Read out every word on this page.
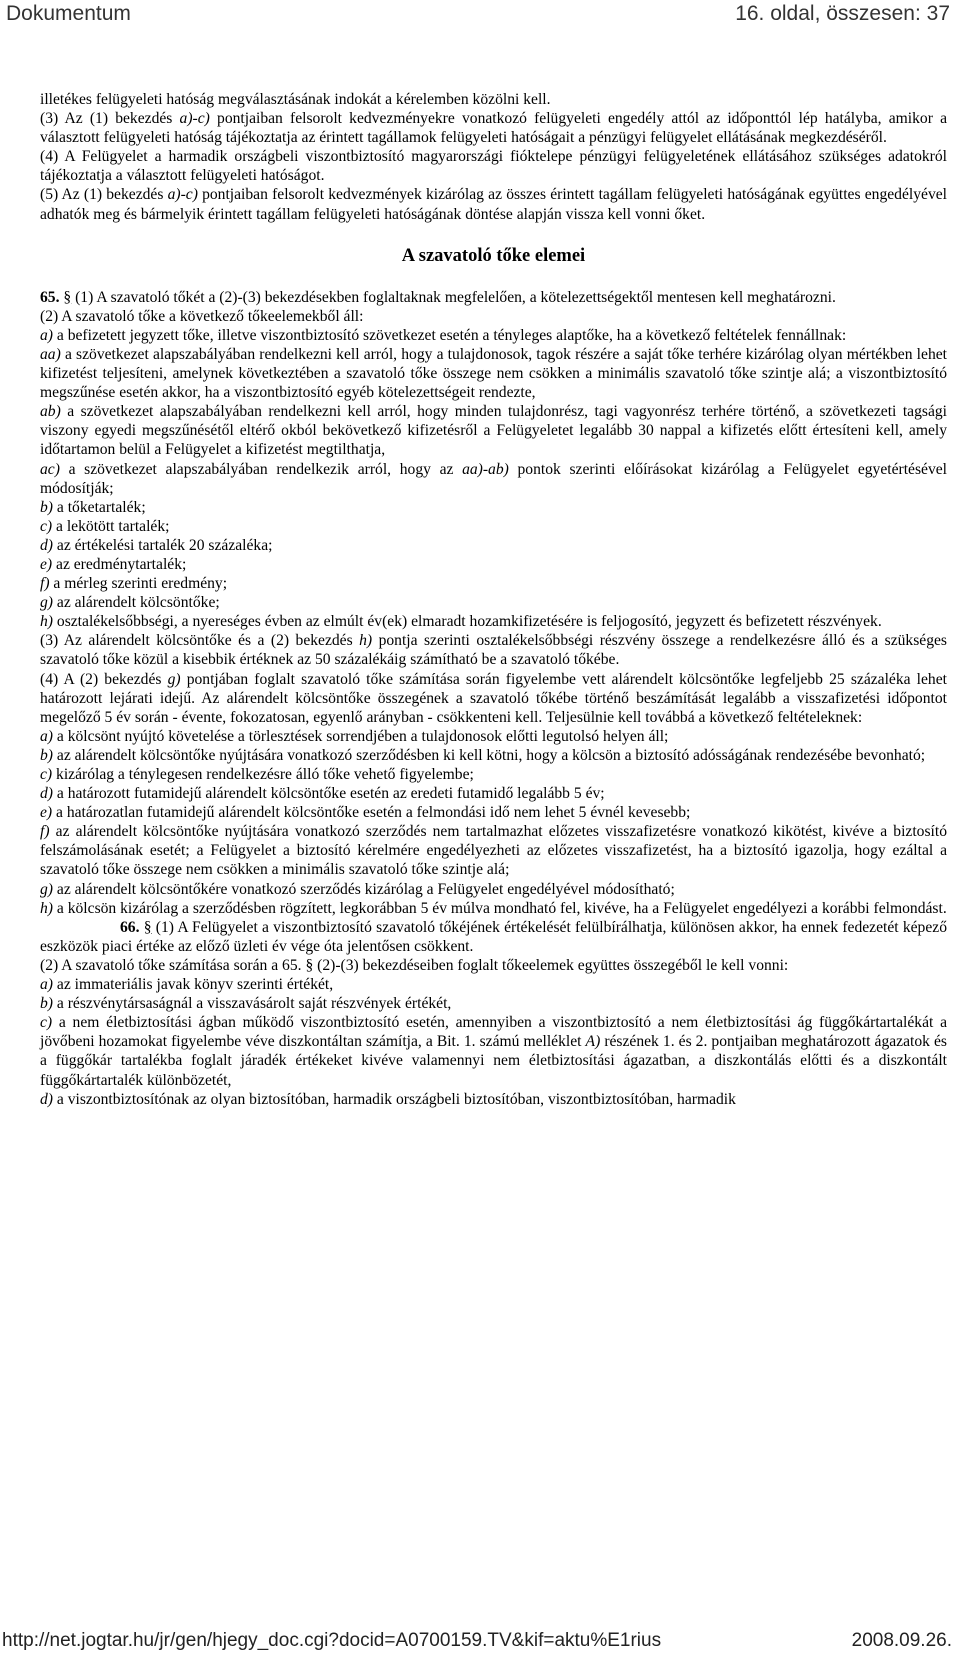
Dokumentum	16. oldal, összesen: 37

illetékes felügyeleti hatóság megválasztásának indokát a kérelemben közölni kell.

(3) Az (1) bekezdés a)-c) pontjaiban felsorolt kedvezményekre vonatkozó felügyeleti engedély attól az időponttól lép hatályba, amikor a választott felügyeleti hatóság tájékoztatja az érintett tagállamok felügyeleti hatóságait a pénzügyi felügyelet ellátásának megkezdéséről.

(4) A Felügyelet a harmadik országbeli viszontbiztosító magyarországi fióktelepe pénzügyi felügyeletének ellátásához szükséges adatokról tájékoztatja a választott felügyeleti hatóságot.

(5) Az (1) bekezdés a)-c) pontjaiban felsorolt kedvezmények kizárólag az összes érintett tagállam felügyeleti hatóságának együttes engedélyével adhatók meg és bármelyik érintett tagállam felügyeleti hatóságának döntése alapján vissza kell vonni őket.

A szavatoló tőke elemei

65. § (1) A szavatoló tőkét a (2)-(3) bekezdésekben foglaltaknak megfelelően, a kötelezettségektől mentesen kell meghatározni.

(2) A szavatoló tőke a következő tőkeelemekből áll:

a) a befizetett jegyzett tőke, illetve viszontbiztosító szövetkezet esetén a tényleges alaptőke, ha a következő feltételek fennállnak:

aa) a szövetkezet alapszabályában rendelkezni kell arról, hogy a tulajdonosok, tagok részére a saját tőke terhére kizárólag olyan mértékben lehet kifizetést teljesíteni, amelynek következtében a szavatoló tőke összege nem csökken a minimális szavatoló tőke szintje alá; a viszontbiztosító megszűnése esetén akkor, ha a viszontbiztosító egyéb kötelezettségeit rendezte,

ab) a szövetkezet alapszabályában rendelkezni kell arról, hogy minden tulajdonrész, tagi vagyonrész terhére történő, a szövetkezeti tagsági viszony egyedi megszűnésétől eltérő okból bekövetkező kifizetésről a Felügyeletet legalább 30 nappal a kifizetés előtt értesíteni kell, amely időtartamon belül a Felügyelet a kifizetést megtilthatja,

ac) a szövetkezet alapszabályában rendelkezik arról, hogy az aa)-ab) pontok szerinti előírásokat kizárólag a Felügyelet egyetértésével módosítják;

b) a tőketartalék;

c) a lekötött tartalék;

d) az értékelési tartalék 20 százaléka;

e) az eredménytartalék;

f) a mérleg szerinti eredmény;

g) az alárendelt kölcsöntőke;

h) osztalékelsőbbségi, a nyereséges évben az elmúlt év(ek) elmaradt hozamkifizetésére is feljogosító, jegyzett és befizetett részvények.

(3) Az alárendelt kölcsöntőke és a (2) bekezdés h) pontja szerinti osztalékelsőbbségi részvény összege a rendelkezésre álló és a szükséges szavatoló tőke közül a kisebbik értéknek az 50 százalékáig számítható be a szavatoló tőkébe.

(4) A (2) bekezdés g) pontjában foglalt szavatoló tőke számítása során figyelembe vett alárendelt kölcsöntőke legfeljebb 25 százaléka lehet határozott lejárati idejű. Az alárendelt kölcsöntőke összegének a szavatoló tőkébe történő beszámítását legalább a visszafizetési időpontot megelőző 5 év során - évente, fokozatosan, egyenlő arányban - csökkenteni kell. Teljesülnie kell továbbá a következő feltételeknek:

a) a kölcsönt nyújtó követelése a törlesztések sorrendjében a tulajdonosok előtti legutolsó helyen áll;

b) az alárendelt kölcsöntőke nyújtására vonatkozó szerződésben ki kell kötni, hogy a kölcsön a biztosító adósságának rendezésébe bevonható;

c) kizárólag a ténylegesen rendelkezésre álló tőke vehető figyelembe;

d) a határozott futamidejű alárendelt kölcsöntőke esetén az eredeti futamidő legalább 5 év;

e) a határozatlan futamidejű alárendelt kölcsöntőke esetén a felmondási idő nem lehet 5 évnél kevesebb;

f) az alárendelt kölcsöntőke nyújtására vonatkozó szerződés nem tartalmazhat előzetes visszafizetésre vonatkozó kikötést, kivéve a biztosító felszámolásának esetét; a Felügyelet a biztosító kérelmére engedélyezheti az előzetes visszafizetést, ha a biztosító igazolja, hogy ezáltal a szavatoló tőke összege nem csökken a minimális szavatoló tőke szintje alá;

g) az alárendelt kölcsöntőkére vonatkozó szerződés kizárólag a Felügyelet engedélyével módosítható;

h) a kölcsön kizárólag a szerződésben rögzített, legkorábban 5 év múlva mondható fel, kivéve, ha a Felügyelet engedélyezi a korábbi felmondást.

66. § (1) A Felügyelet a viszontbiztosító szavatoló tőkéjének értékelését felülbírálhatja, különösen akkor, ha ennek fedezetét képező eszközök piaci értéke az előző üzleti év vége óta jelentősen csökkent.

(2) A szavatoló tőke számítása során a 65. § (2)-(3) bekezdéseiben foglalt tőkeelemek együttes összegéből le kell vonni:

a) az immateriális javak könyv szerinti értékét,

b) a részvénytársaságnál a visszavásárolt saját részvények értékét,

c) a nem életbiztosítási ágban működő viszontbiztosító esetén, amennyiben a viszontbiztosító a nem életbiztosítási ág függőkártartalékát a jövőbeni hozamokat figyelembe véve diszkontáltan számítja, a Bit. 1. számú melléklet A) részének 1. és 2. pontjaiban meghatározott ágazatok és a függőkár tartalékba foglalt járadék értékeket kivéve valamennyi nem életbiztosítási ágazatban, a diszkontálás előtti és a diszkontált függőkártartalék különbözetét,

d) a viszontbiztosítónak az olyan biztosítóban, harmadik országbeli biztosítóban, viszontbiztosítóban, harmadik

http://net.jogtar.hu/jr/gen/hjegy_doc.cgi?docid=A0700159.TV&kif=aktu%E1rius	2008.09.26.
